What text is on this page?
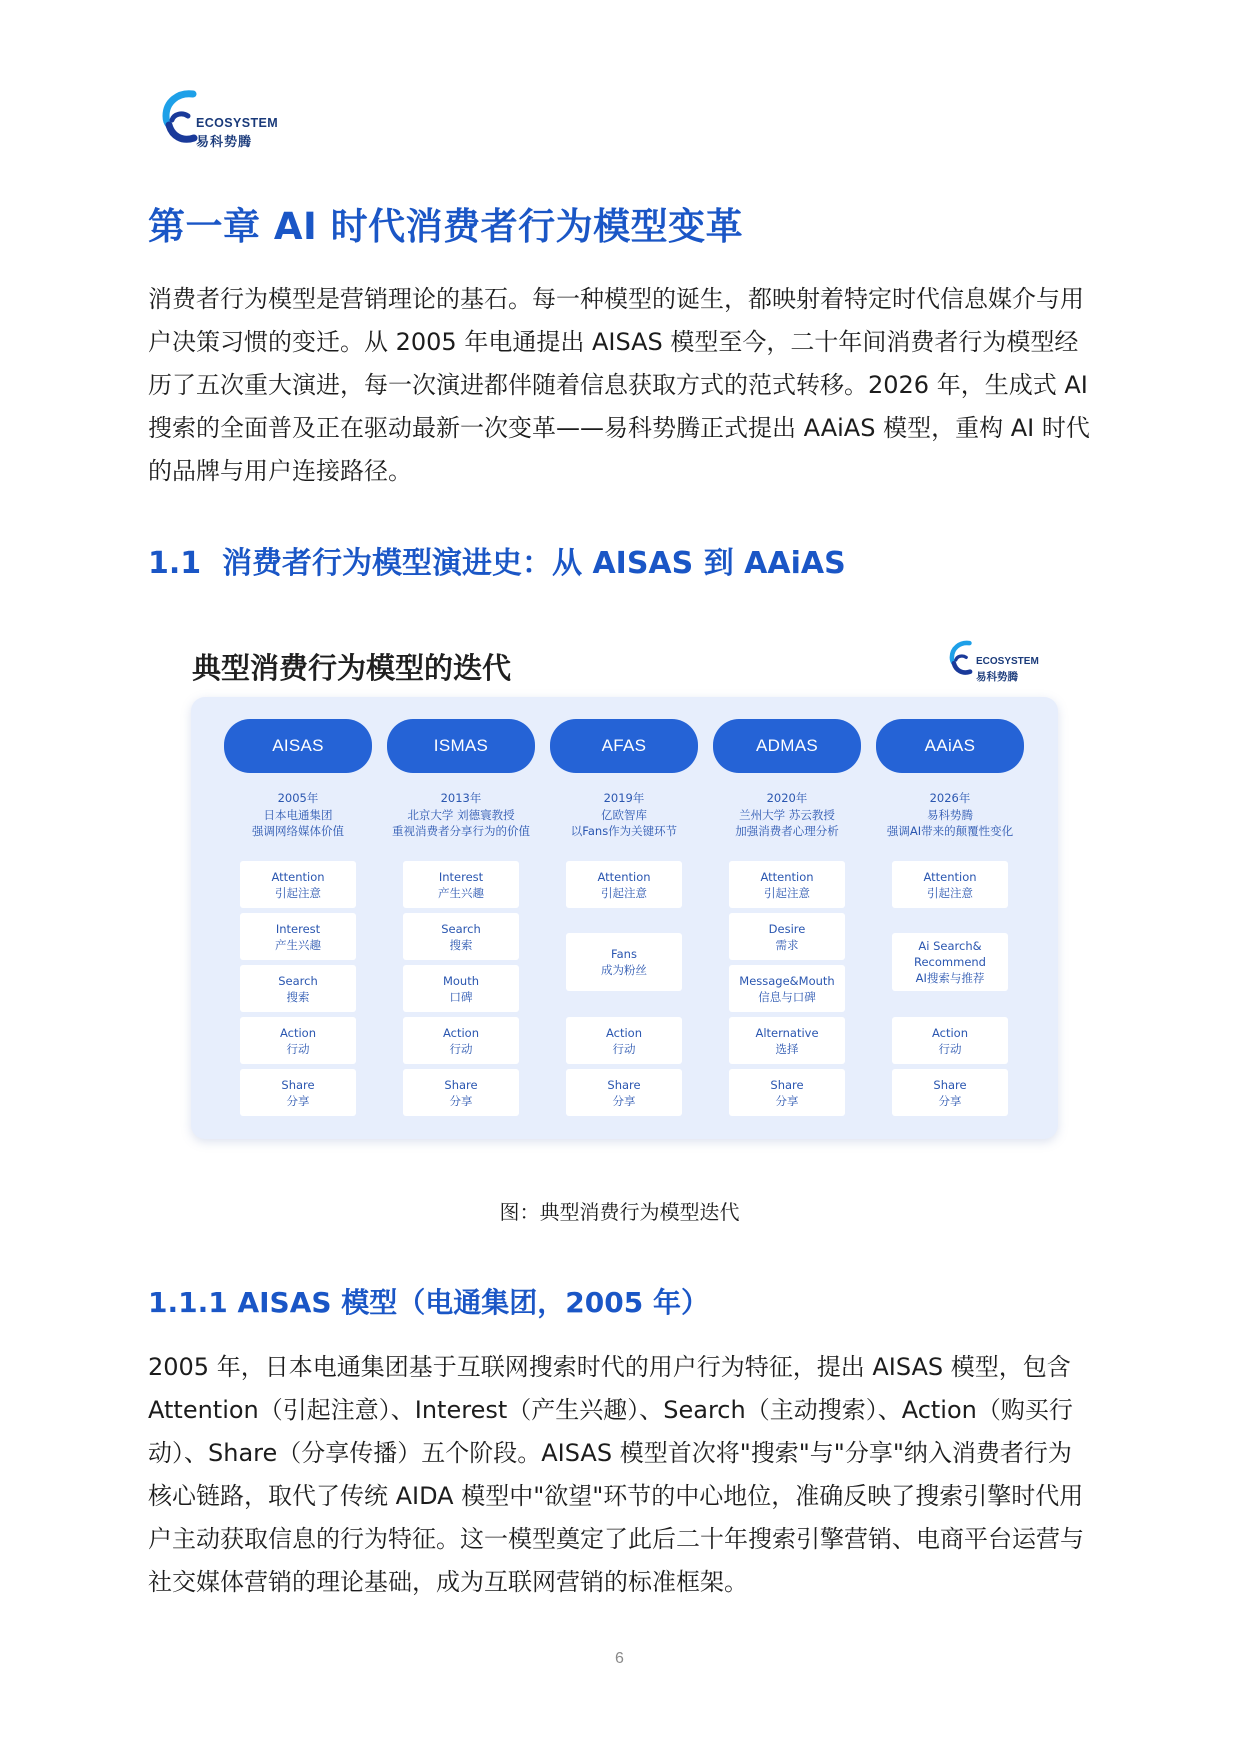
ECOSYSTEM
易科势腾
第一章 AI 时代消费者行为模型变革
消费者行为模型是营销理论的基石。每一种模型的诞生，都映射着特定时代信息媒介与用户决策习惯的变迁。从 2005 年电通提出 AISAS 模型至今，二十年间消费者行为模型经历了五次重大演进，每一次演进都伴随着信息获取方式的范式转移。2026 年，生成式 AI 搜索的全面普及正在驱动最新一次变革——易科势腾正式提出 AAiAS 模型，重构 AI 时代的品牌与用户连接路径。
1.1 消费者行为模型演进史：从 AISAS 到 AAiAS
典型消费行为模型的迭代	ECOSYSTEM
易科势腾
AISAS
2005年
日本电通集团
强调网络媒体价值
Attention
引起注意
Interest
产生兴趣
Search
搜索
Action
行动
Share
分享
ISMAS
2013年
北京大学 刘德寰教授
重视消费者分享行为的价值
Interest
产生兴趣
Search
搜索
Mouth
口碑
Action
行动
Share
分享
AFAS
2019年
亿欧智库
以Fans作为关键环节
Attention
引起注意
Fans
成为粉丝
Action
行动
Share
分享
ADMAS
2020年
兰州大学 苏云教授
加强消费者心理分析
Attention
引起注意
Desire
需求
Message&Mouth
信息与口碑
Alternative
选择
Share
分享
AAiAS
2026年
易科势腾
强调AI带来的颠覆性变化
Attention
引起注意
Ai Search&
Recommend
AI搜索与推荐
Action
行动
Share
分享
图：典型消费行为模型迭代
1.1.1 AISAS 模型（电通集团，2005 年）
2005 年，日本电通集团基于互联网搜索时代的用户行为特征，提出 AISAS 模型，包含 Attention（引起注意）、Interest（产生兴趣）、Search（主动搜索）、Action（购买行动）、Share（分享传播）五个阶段。AISAS 模型首次将"搜索"与"分享"纳入消费者行为核心链路，取代了传统 AIDA 模型中"欲望"环节的中心地位，准确反映了搜索引擎时代用户主动获取信息的行为特征。这一模型奠定了此后二十年搜索引擎营销、电商平台运营与社交媒体营销的理论基础，成为互联网营销的标准框架。
6
